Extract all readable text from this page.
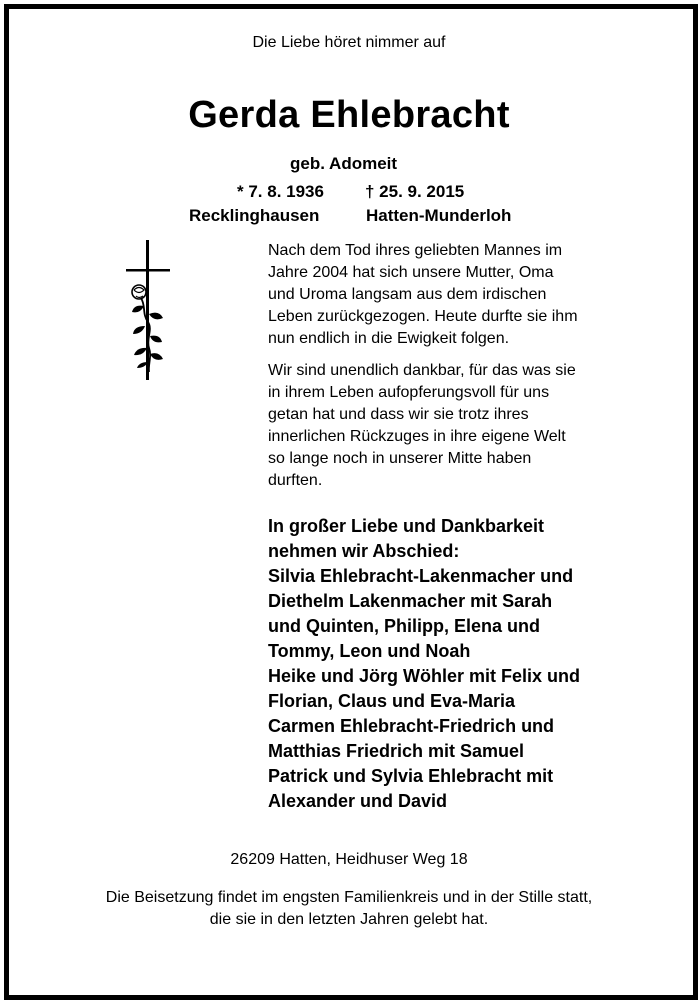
Die Liebe höret nimmer auf
Gerda Ehlebracht
geb. Adomeit
* 7. 8. 1936 † 25. 9. 2015
Recklinghausen	Hatten-Munderloh
Nach dem Tod ihres geliebten Mannes im
Jahre 2004 hat sich unsere Mutter, Oma
und Uroma langsam aus dem irdischen
Leben zurückgezogen. Heute durfte sie ihm
nun endlich in die Ewigkeit folgen.
Wir sind unendlich dankbar, für das was sie
in ihrem Leben aufopferungsvoll für uns
getan hat und dass wir sie trotz ihres
innerlichen Rückzuges in ihre eigene Welt
so lange noch in unserer Mitte haben
durften.
In großer Liebe und Dankbarkeit
nehmen wir Abschied:
Silvia Ehlebracht-Lakenmacher und
Diethelm Lakenmacher mit Sarah
und Quinten, Philipp, Elena und
Tommy, Leon und Noah
Heike und Jörg Wöhler mit Felix und
Florian, Claus und Eva-Maria
Carmen Ehlebracht-Friedrich und
Matthias Friedrich mit Samuel
Patrick und Sylvia Ehlebracht mit
Alexander und David
26209 Hatten, Heidhuser Weg 18
Die Beisetzung findet im engsten Familienkreis und in der Stille statt,
die sie in den letzten Jahren gelebt hat.
